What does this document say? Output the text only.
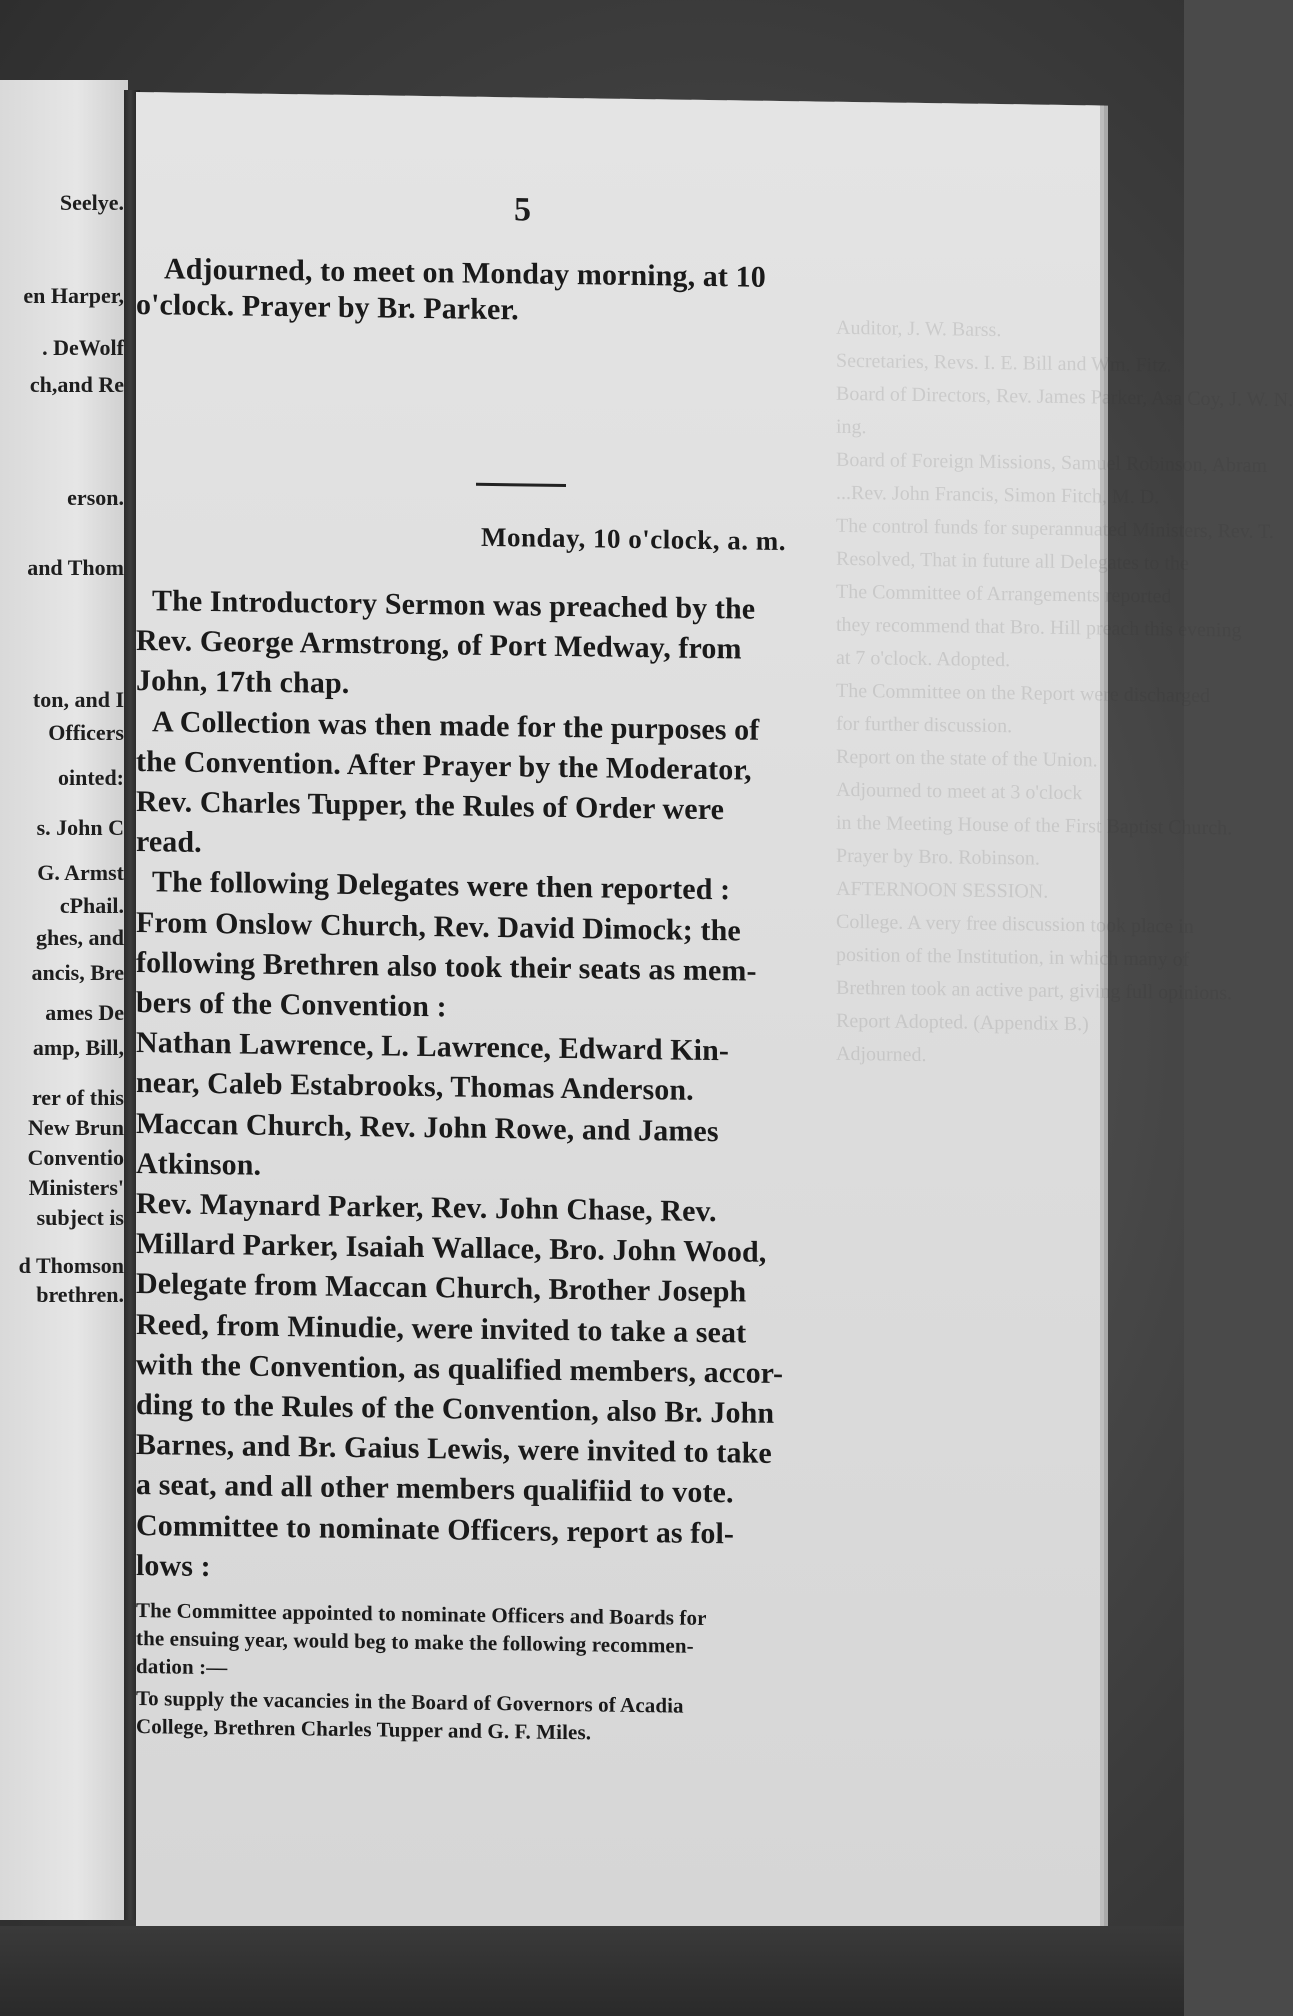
Seelye.
en Harper,
. DeWolf
ch,and Re
erson.
and Thom
ton, and I
Officers
ointed:
s. John C
G. Armst
cPhail.
ghes, and
ancis, Bre
ames De
amp, Bill,
rer of this
New Brun
Conventio
Ministers'
subject is
d Thomson
brethren.
Auditor, J. W. Barss.
Secretaries, Revs. I. E. Bill and Wm. Fitz.
Board of Directors, Rev. James Parker, Asa Coy, J. W. N.
ing.
Board of Foreign Missions, Samuel Robinson, Abram
...Rev. John Francis, Simon Fitch, M. D.
The control funds for superannuated Ministers, Rev. T.
Resolved, That in future all Delegates to the
The Committee of Arrangements reported
they recommend that Bro. Hill preach this evening
at 7 o'clock. Adopted.
The Committee on the Report were discharged
for further discussion.
Report on the state of the Union.
Adjourned to meet at 3 o'clock
in the Meeting House of the First Baptist Church.
Prayer by Bro. Robinson.
AFTERNOON SESSION.
College. A very free discussion took place in
position of the Institution, in which many of
Brethren took an active part, giving full opinions.
Report Adopted. (Appendix B.)
Adjourned.
5
Adjourned, to meet on Monday morning, at 10
o'clock. Prayer by Br. Parker.
Monday, 10 o'clock, a. m.
The Introductory Sermon was preached by the
Rev. George Armstrong, of Port Medway, from
John, 17th chap.
A Collection was then made for the purposes of
the Convention. After Prayer by the Moderator,
Rev. Charles Tupper, the Rules of Order were
read.
The following Delegates were then reported :
From Onslow Church, Rev. David Dimock; the
following Brethren also took their seats as mem-
bers of the Convention :
Nathan Lawrence, L. Lawrence, Edward Kin-
near, Caleb Estabrooks, Thomas Anderson.
Maccan Church, Rev. John Rowe, and James
Atkinson.
Rev. Maynard Parker, Rev. John Chase, Rev.
Millard Parker, Isaiah Wallace, Bro. John Wood,
Delegate from Maccan Church, Brother Joseph
Reed, from Minudie, were invited to take a seat
with the Convention, as qualified members, accor-
ding to the Rules of the Convention, also Br. John
Barnes, and Br. Gaius Lewis, were invited to take
a seat, and all other members qualifiid to vote.
Committee to nominate Officers, report as fol-
lows :
The Committee appointed to nominate Officers and Boards for
the ensuing year, would beg to make the following recommen-
dation :—
To supply the vacancies in the Board of Governors of Acadia
College, Brethren Charles Tupper and G. F. Miles.
